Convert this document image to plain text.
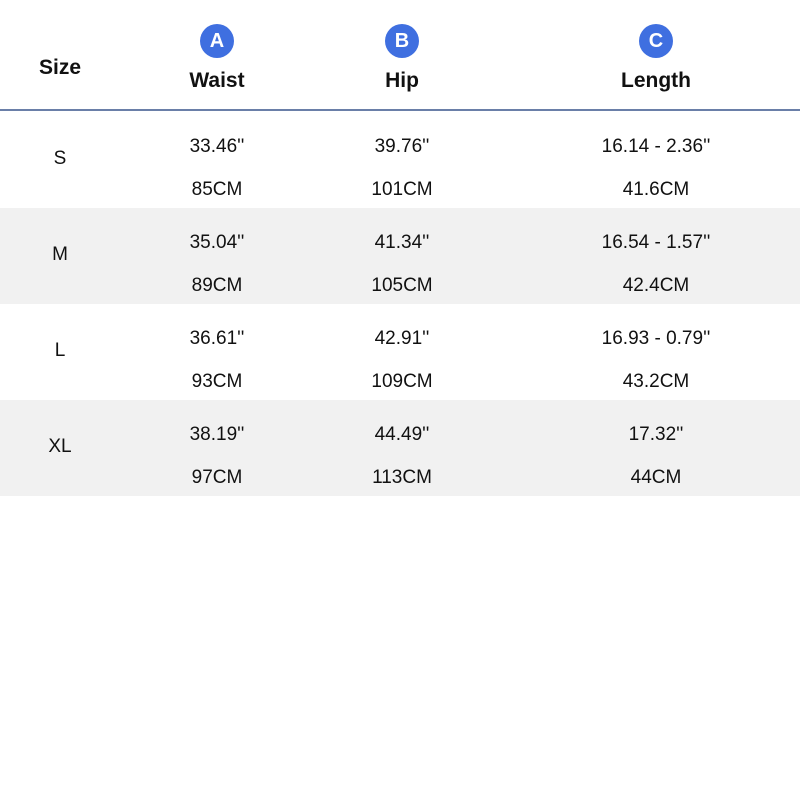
Size
A
Waist
B
Hip
C
Length
S
33.46''
85CM
39.76''
101CM
16.14 - 2.36''
41.6CM
M
35.04''
89CM
41.34''
105CM
16.54 - 1.57''
42.4CM
L
36.61''
93CM
42.91''
109CM
16.93 - 0.79''
43.2CM
XL
38.19''
97CM
44.49''
113CM
17.32''
44CM
